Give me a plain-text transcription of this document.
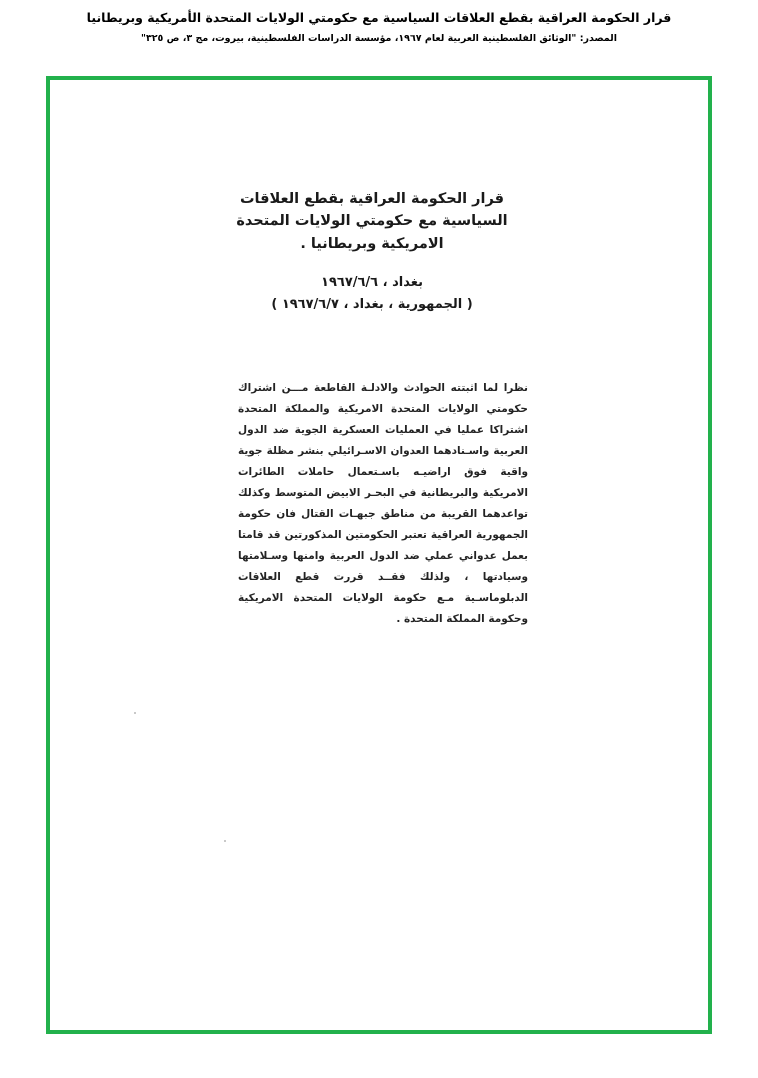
قرار الحكومة العراقية بقطع العلاقات السياسية مع حكومتي الولايات المتحدة الأمريكية وبريطانيا
المصدر: "الوثائق الفلسطينية العربية لعام ١٩٦٧، مؤسسة الدراسات الفلسطينية، بيروت، مج ٣، ص ٣٢٥"
قرار الحكومة العراقية بقطع العلاقات السياسية مع حكومتي الولايات المتحدة الامريكية وبريطانيا .
بغداد ، ١٩٦٧/٦/٦
( الجمهورية ، بغداد ، ١٩٦٧/٦/٧ )

نظرا لما اثبتته الحوادث والادلـة القاطعة مـــن اشتراك حكومتي الولايات المتحدة الامريكية والمملكة المتحدة اشتراكا عمليا في العمليات العسكرية الجوية ضد الدول العربية واسـنادهما العدوان الاسـرائيلي بنشر مظلة جوية واقية فوق اراضيـه باسـتعمال حاملات الطائرات الامريكية والبريطانية في البحـر الابيض المتوسط وكذلك تواعدهما القريبة من مناطق جبهـات القتال فان حكومة الجمهورية العراقية تعتبر الحكومتين المذكورتين قد قامتا بعمل عدواني عملي ضد الدول العربية وامنها وسـلامتها وسيادتها ، ولذلك فقــد قررت قطع العلاقات الدبلوماسـية مـع حكومة الولايات المتحدة الامريكية وحكومة المملكة المتحدة .
